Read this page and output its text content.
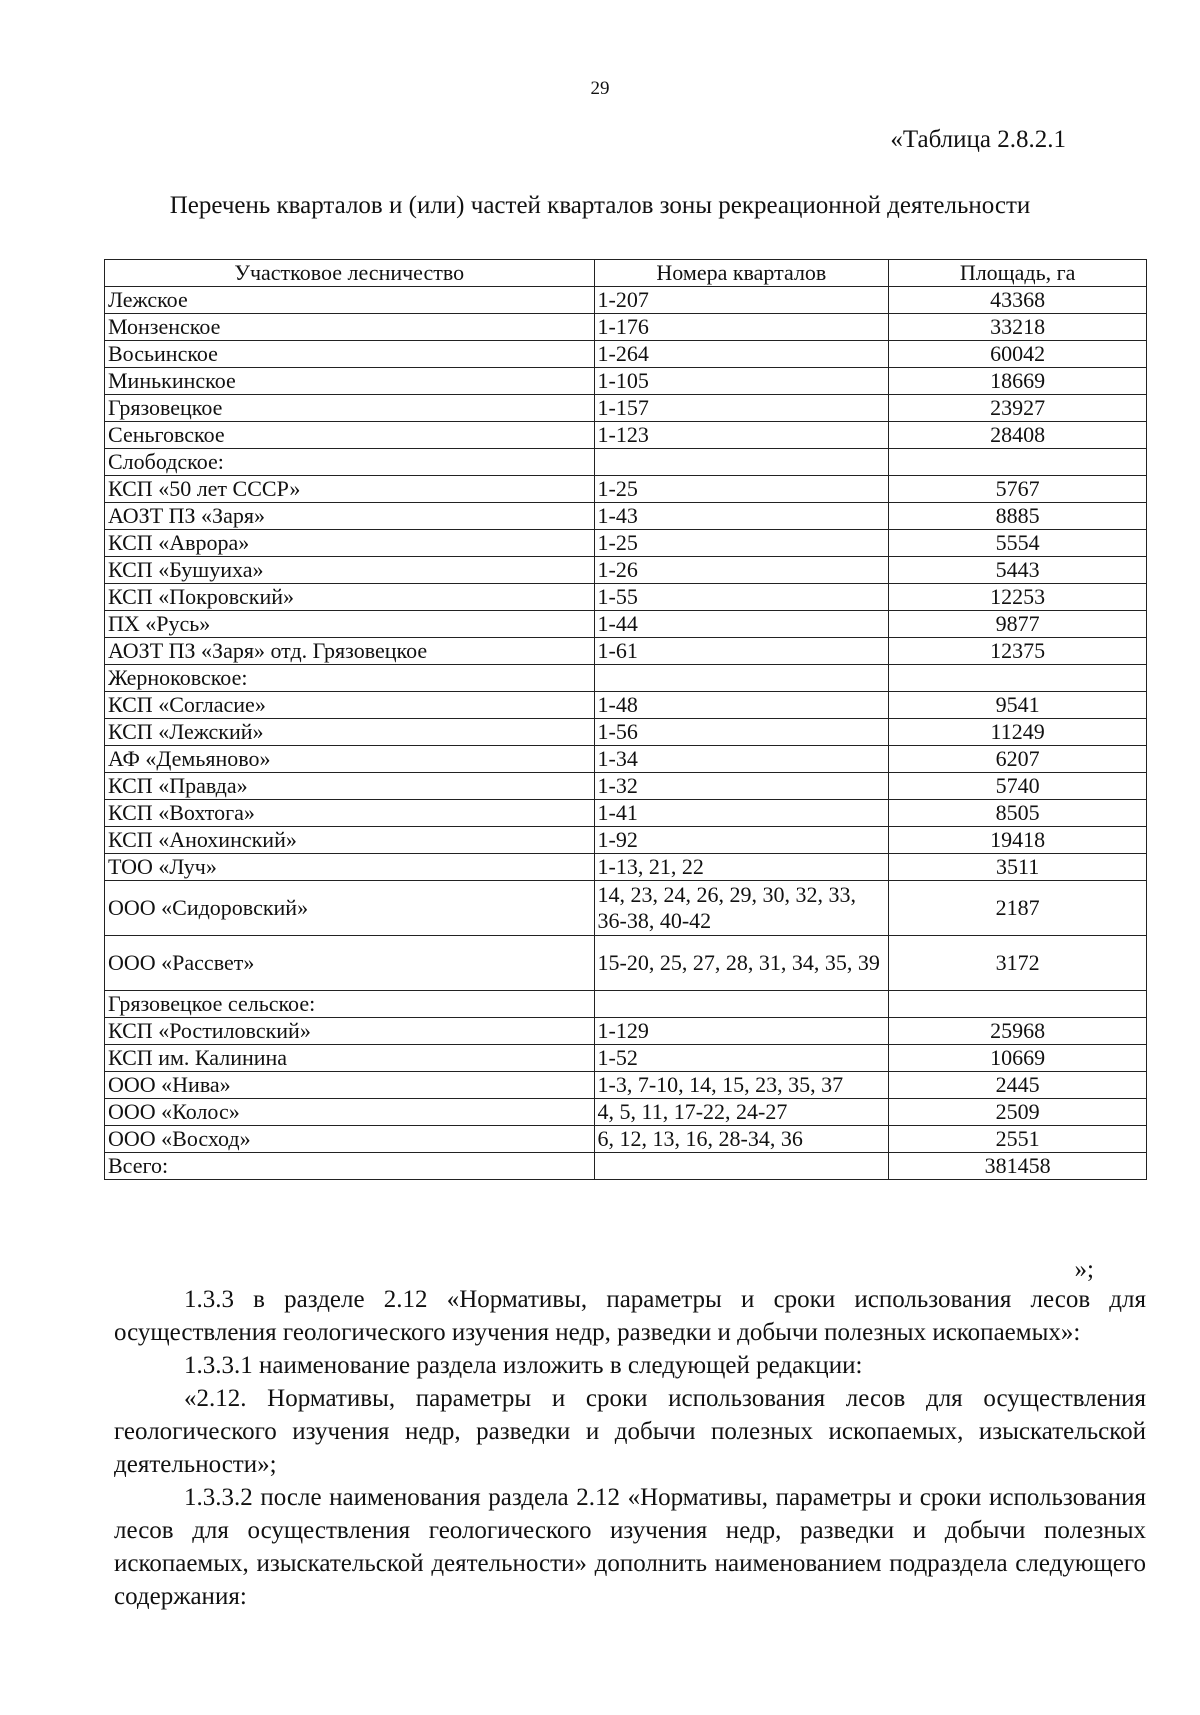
29
«Таблица 2.8.2.1
Перечень кварталов и (или) частей кварталов зоны рекреационной деятельности
Участковое лесничество	Номера кварталов	Площадь, га
Лежское	1-207	43368
Монзенское	1-176	33218
Восьинское	1-264	60042
Минькинское	1-105	18669
Грязовецкое	1-157	23927
Сеньговское	1-123	28408
Слободское:		
КСП «50 лет СССР»	1-25	5767
АОЗТ ПЗ «Заря»	1-43	8885
КСП «Аврора»	1-25	5554
КСП «Бушуиха»	1-26	5443
КСП «Покровский»	1-55	12253
ПХ «Русь»	1-44	9877
АОЗТ ПЗ «Заря» отд. Грязовецкое	1-61	12375
Жерноковское:		
КСП «Согласие»	1-48	9541
КСП «Лежский»	1-56	11249
АФ «Демьяново»	1-34	6207
КСП «Правда»	1-32	5740
КСП «Вохтога»	1-41	8505
КСП «Анохинский»	1-92	19418
ТОО «Луч»	1-13, 21, 22	3511
ООО «Сидоровский»	14, 23, 24, 26, 29, 30, 32, 33, 36-38, 40-42	2187
ООО «Рассвет»	15-20, 25, 27, 28, 31, 34, 35, 39	3172
Грязовецкое сельское:		
КСП «Ростиловский»	1-129	25968
КСП им. Калинина	1-52	10669
ООО «Нива»	1-3, 7-10, 14, 15, 23, 35, 37	2445
ООО «Колос»	4, 5, 11, 17-22, 24-27	2509
ООО «Восход»	6, 12, 13, 16, 28-34, 36	2551
Всего:		381458
»;

1.3.3 в разделе 2.12 «Нормативы, параметры и сроки использования лесов для осуществления геологического изучения недр, разведки и добычи полезных ископаемых»:

1.3.3.1 наименование раздела изложить в следующей редакции:

«2.12. Нормативы, параметры и сроки использования лесов для осуществления геологического изучения недр, разведки и добычи полезных ископаемых, изыскательской деятельности»;

1.3.3.2 после наименования раздела 2.12 «Нормативы, параметры и сроки использования лесов для осуществления геологического изучения недр, разведки и добычи полезных ископаемых, изыскательской деятельности» дополнить наименованием подраздела следующего содержания:
